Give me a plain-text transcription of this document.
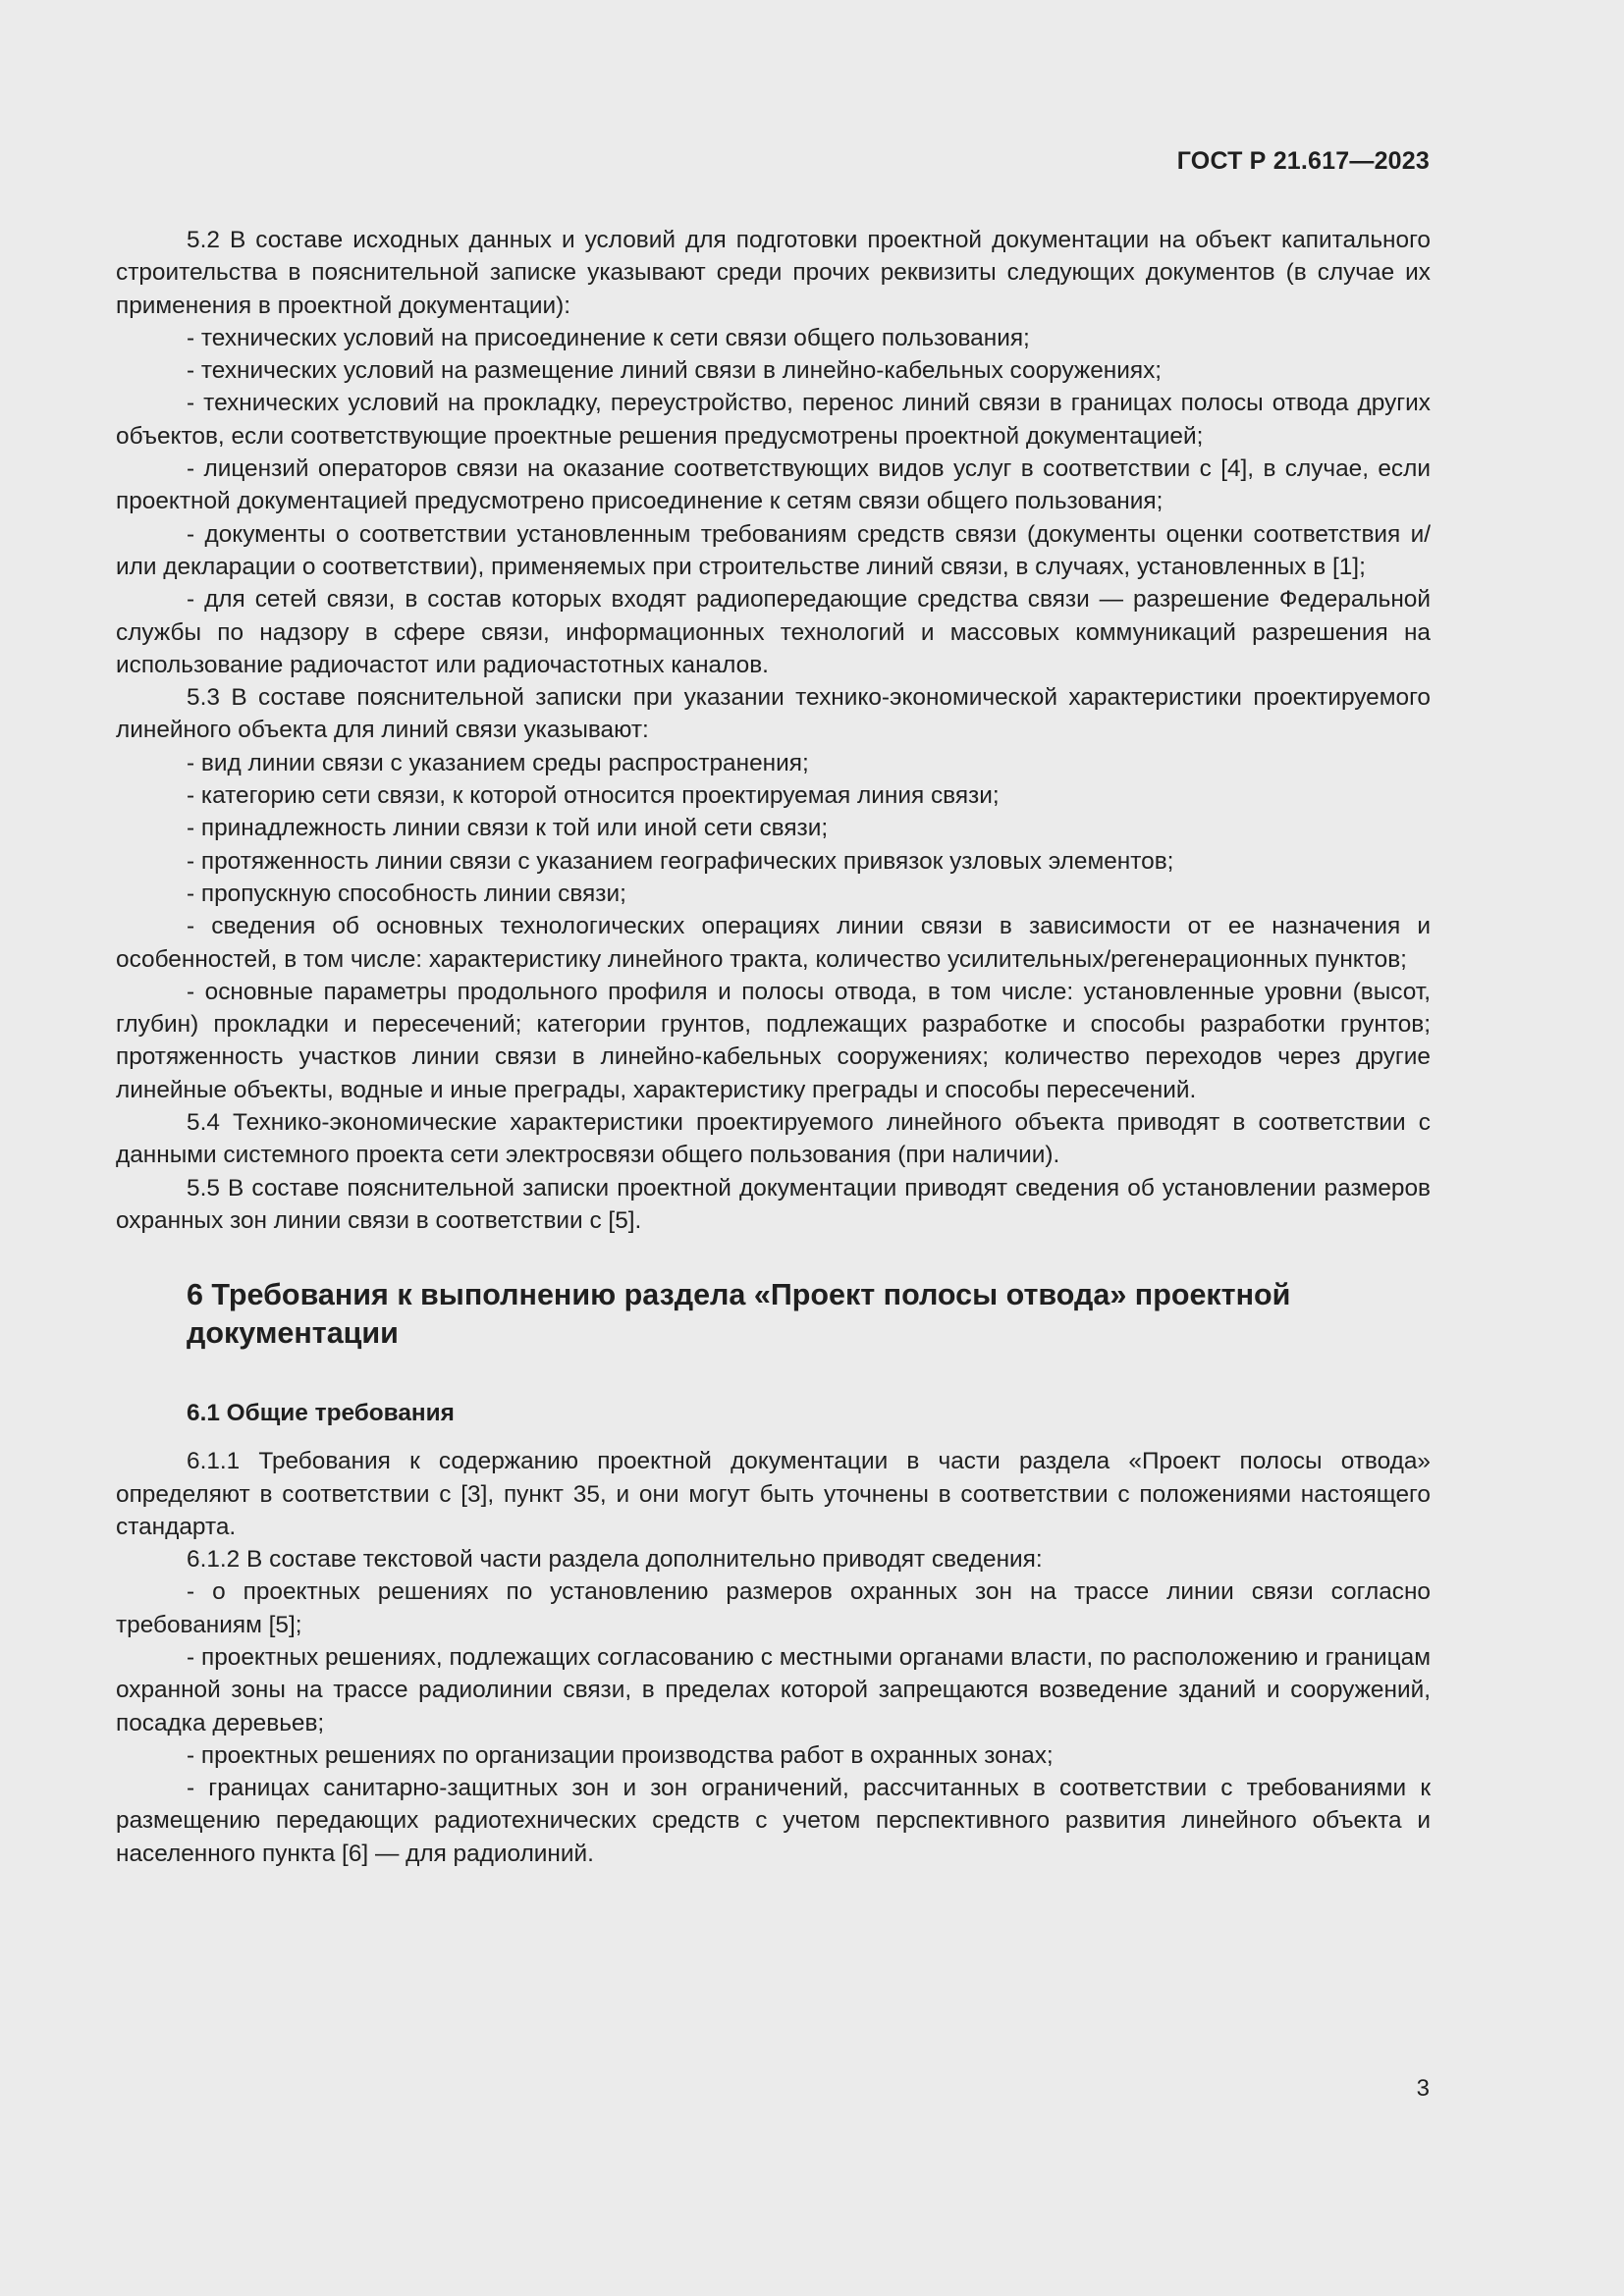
ГОСТ Р 21.617—2023

5.2 В составе исходных данных и условий для подготовки проектной документации на объект капитального строительства в пояснительной записке указывают среди прочих реквизиты следующих документов (в случае их применения в проектной документации):

- технических условий на присоединение к сети связи общего пользования;

- технических условий на размещение линий связи в линейно-кабельных сооружениях;

- технических условий на прокладку, переустройство, перенос линий связи в границах полосы отвода других объектов, если соответствующие проектные решения предусмотрены проектной документацией;

- лицензий операторов связи на оказание соответствующих видов услуг в соответствии с [4], в случае, если проектной документацией предусмотрено присоединение к сетям связи общего пользования;

- документы о соответствии установленным требованиям средств связи (документы оценки соответствия и/или декларации о соответствии), применяемых при строительстве линий связи, в случаях, установленных в [1];

- для сетей связи, в состав которых входят радиопередающие средства связи — разрешение Федеральной службы по надзору в сфере связи, информационных технологий и массовых коммуникаций разрешения на использование радиочастот или радиочастотных каналов.

5.3 В составе пояснительной записки при указании технико-экономической характеристики проектируемого линейного объекта для линий связи указывают:

- вид линии связи с указанием среды распространения;

- категорию сети связи, к которой относится проектируемая линия связи;

- принадлежность линии связи к той или иной сети связи;

- протяженность линии связи с указанием географических привязок узловых элементов;

- пропускную способность линии связи;

- сведения об основных технологических операциях линии связи в зависимости от ее назначения и особенностей, в том числе: характеристику линейного тракта, количество усилительных/регенерационных пунктов;

- основные параметры продольного профиля и полосы отвода, в том числе: установленные уровни (высот, глубин) прокладки и пересечений; категории грунтов, подлежащих разработке и способы разработки грунтов; протяженность участков линии связи в линейно-кабельных сооружениях; количество переходов через другие линейные объекты, водные и иные преграды, характеристику преграды и способы пересечений.

5.4 Технико-экономические характеристики проектируемого линейного объекта приводят в соответствии с данными системного проекта сети электросвязи общего пользования (при наличии).

5.5 В составе пояснительной записки проектной документации приводят сведения об установлении размеров охранных зон линии связи в соответствии с [5].

6 Требования к выполнению раздела «Проект полосы отвода» проектной документации
6.1 Общие требования

6.1.1 Требования к содержанию проектной документации в части раздела «Проект полосы отвода» определяют в соответствии с [3], пункт 35, и они могут быть уточнены в соответствии с положениями настоящего стандарта.

6.1.2 В составе текстовой части раздела дополнительно приводят сведения:

- о проектных решениях по установлению размеров охранных зон на трассе линии связи согласно требованиям [5];

- проектных решениях, подлежащих согласованию с местными органами власти, по расположению и границам охранной зоны на трассе радиолинии связи, в пределах которой запрещаются возведение зданий и сооружений, посадка деревьев;

- проектных решениях по организации производства работ в охранных зонах;

- границах санитарно-защитных зон и зон ограничений, рассчитанных в соответствии с требованиями к размещению передающих радиотехнических средств с учетом перспективного развития линейного объекта и населенного пункта [6] — для радиолиний.

3
